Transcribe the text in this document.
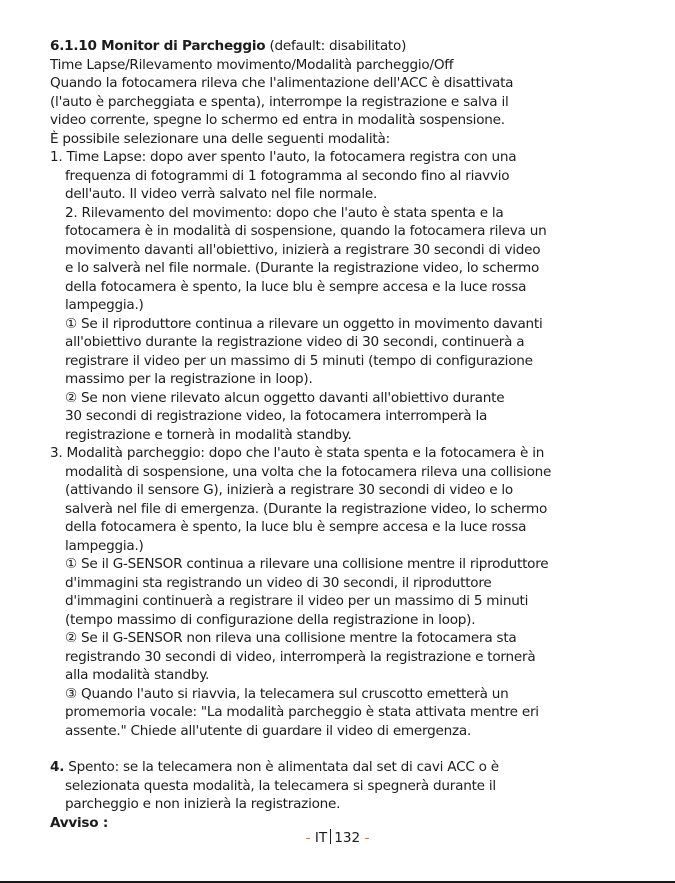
6.1.10 Monitor di Parcheggio (default: disabilitato)
Time Lapse/Rilevamento movimento/Modalità parcheggio/Off
Quando la fotocamera rileva che l'alimentazione dell'ACC è disattivata
(l'auto è parcheggiata e spenta), interrompe la registrazione e salva il
video corrente, spegne lo schermo ed entra in modalità sospensione.
È possibile selezionare una delle seguenti modalità:
1. Time Lapse: dopo aver spento l'auto, la fotocamera registra con una
frequenza di fotogrammi di 1 fotogramma al secondo fino al riavvio
dell'auto. Il video verrà salvato nel file normale.
2. Rilevamento del movimento: dopo che l'auto è stata spenta e la
fotocamera è in modalità di sospensione, quando la fotocamera rileva un
movimento davanti all'obiettivo, inizierà a registrare 30 secondi di video
e lo salverà nel file normale. (Durante la registrazione video, lo schermo
della fotocamera è spento, la luce blu è sempre accesa e la luce rossa
lampeggia.)
① Se il riproduttore continua a rilevare un oggetto in movimento davanti
all'obiettivo durante la registrazione video di 30 secondi, continuerà a
registrare il video per un massimo di 5 minuti (tempo di configurazione
massimo per la registrazione in loop).
② Se non viene rilevato alcun oggetto davanti all'obiettivo durante
30 secondi di registrazione video, la fotocamera interromperà la
registrazione e tornerà in modalità standby.
3. Modalità parcheggio: dopo che l'auto è stata spenta e la fotocamera è in
modalità di sospensione, una volta che la fotocamera rileva una collisione
(attivando il sensore G), inizierà a registrare 30 secondi di video e lo
salverà nel file di emergenza. (Durante la registrazione video, lo schermo
della fotocamera è spento, la luce blu è sempre accesa e la luce rossa
lampeggia.)
① Se il G-SENSOR continua a rilevare una collisione mentre il riproduttore
d'immagini sta registrando un video di 30 secondi, il riproduttore
d'immagini continuerà a registrare il video per un massimo di 5 minuti
(tempo massimo di configurazione della registrazione in loop).
② Se il G-SENSOR non rileva una collisione mentre la fotocamera sta
registrando 30 secondi di video, interromperà la registrazione e tornerà
alla modalità standby.
③ Quando l'auto si riavvia, la telecamera sul cruscotto emetterà un
promemoria vocale: "La modalità parcheggio è stata attivata mentre eri
assente." Chiede all'utente di guardare il video di emergenza.
4. Spento: se la telecamera non è alimentata dal set di cavi ACC o è
selezionata questa modalità, la telecamera si spegnerà durante il
parcheggio e non inizierà la registrazione.
Avviso :
- IT 132 -
